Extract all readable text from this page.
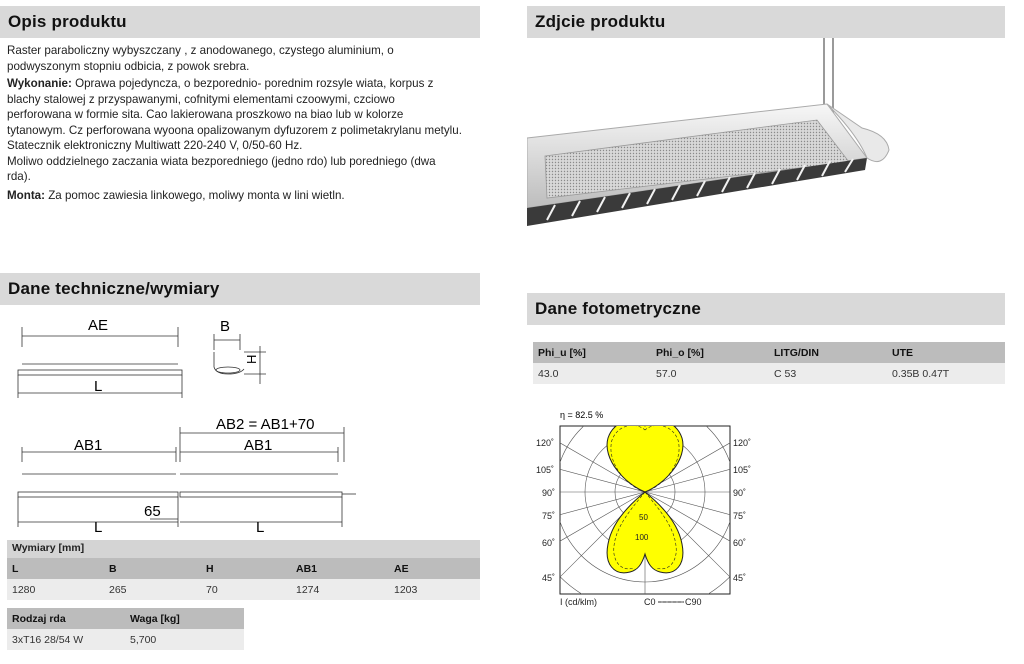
Opis produktu

Raster paraboliczny wybyszczany , z anodowanego, czystego aluminium, o podwyszonym stopniu odbicia, z powok srebra.

Wykonanie: Oprawa pojedyncza, o bezporednio- porednim rozsyle wiata, korpus z blachy stalowej z przyspawanymi, cofnitymi elementami czoowymi, czciowo perforowana w formie sita. Cao lakierowana proszkowo na biao lub w kolorze tytanowym. Cz perforowana wyoona opalizowanym dyfuzorem z polimetakrylanu metylu.

Statecznik elektroniczny Multiwatt 220-240 V, 0/50-60 Hz.

Moliwo oddzielnego zaczania wiata bezporedniego (jedno rdo) lub poredniego (dwa rda).

Monta: Za pomoc zawiesia linkowego, moliwy monta w lini wietln.

Dane techniczne/wymiary
AE
L
B
H
AB2 = AB1+70
AB1	AB1
65
L	L
Wymiary [mm]
L	B	H	AB1	AE
1280	265	70	1274	1203
Rodzaj rda	Waga [kg]
3xT16 28/54 W	5,700
Zdjcie produktu
Dane fotometryczne
Phi_u [%]	Phi_o [%]	LITG/DIN	UTE
43.0	57.0	C 53	0.35B 0.47T
η = 82.5 %
120˚
105˚
90˚
75˚
60˚
45˚
120˚
105˚
90˚
75˚
60˚
45˚
50
100
I (cd/klm)	C0	C90
